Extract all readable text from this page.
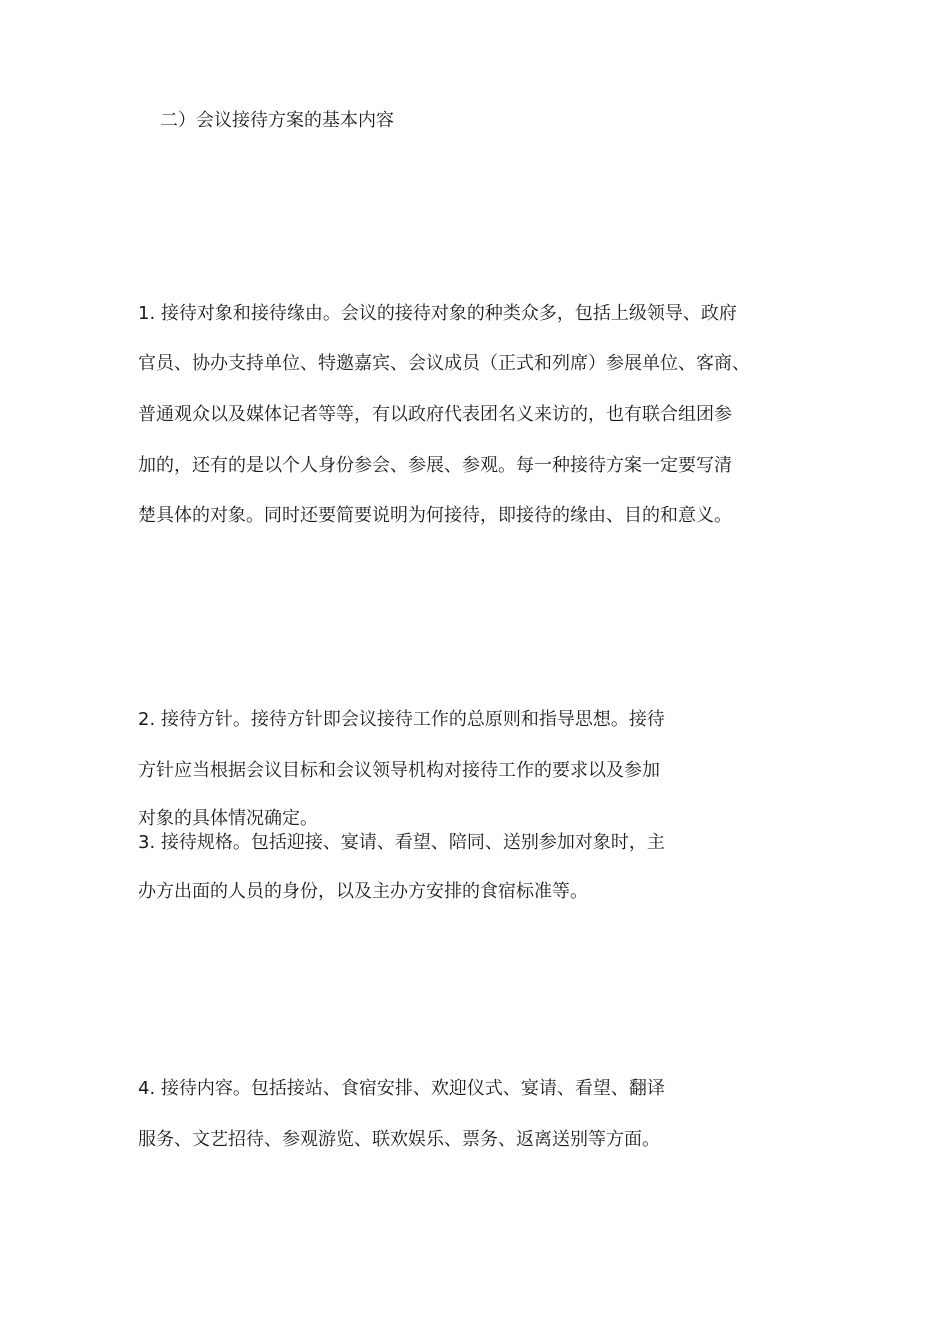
二）会议接待方案的基本内容
1. 接待对象和接待缘由。会议的接待对象的种类众多，包括上级领导、政府
官员、协办支持单位、特邀嘉宾、会议成员（正式和列席）参展单位、客商、
普通观众以及媒体记者等等，有以政府代表团名义来访的，也有联合组团参
加的，还有的是以个人身份参会、参展、参观。每一种接待方案一定要写清
楚具体的对象。同时还要简要说明为何接待，即接待的缘由、目的和意义。
2. 接待方针。接待方针即会议接待工作的总原则和指导思想。接待
方针应当根据会议目标和会议领导机构对接待工作的要求以及参加
对象的具体情况确定。
3. 接待规格。包括迎接、宴请、看望、陪同、送别参加对象时，主
办方出面的人员的身份，以及主办方安排的食宿标准等。
4. 接待内容。包括接站、食宿安排、欢迎仪式、宴请、看望、翻译
服务、文艺招待、参观游览、联欢娱乐、票务、返离送别等方面。
